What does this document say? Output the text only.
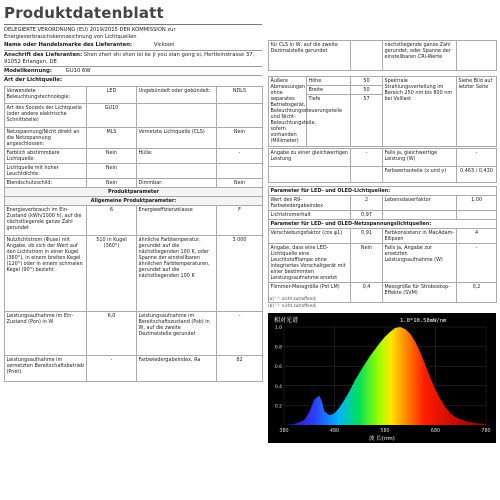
Produktdatenblatt
DELEGIERTE VERORDNUNG (EU) 2019/2015 DER KOMMISSION zur Energieverbrauchskennzeichnung von Lichtquellen
Name oder Handelsmarke des Lieferanten:	Vickoon
Anschrift des Lieferanten: Shen zhen shi shen lei ke ji you xian gong si, Hertleinstrasse 37, 91052 Erlangen, DE
Modellkennung:	GU10 6W
Art der Lichtquelle:
Verwendete Beleuchtungstechnologie:	LED	Ungebündelt oder gebündelt:	NDLS
Art des Sockels der Lichtquelle (oder andere elektrische Schnittstelle)	GU10		
Netzspannung/Nicht direkt an die Netzspannung angeschlossen:	MLS	Vernetzte Lichtquelle (CLS)	Nein
Farblich abstimmbare Lichtquelle:	Nein	Hülle:	-
Lichtquelle mit hoher Leuchtdichte:	Nein		
Blendschutzschild:	Nein	Dimmbar:	Nein
Produktparameter			
Allgemeine Produktparameter:			
Energieverbrauch im Ein-Zustand (kWh/1000 h), auf die nächstliegende ganze Zahl gerundet	6	Energieeffizienzklasse	F
Nutzlichtstrom (Φuse) mit Angabe, ob sich der Wert auf den Lichtstrom in einer Kugel (360°), in einem breiten Kegel (120°) oder in einem schmalen Kegel (90°) bezieht	510 in Kugel (360°)	ähnliche Farbtemperatur, gerundet auf die nächstliegenden 100 K, oder Spanne der einstellbaren ähnlichen Farbtemperaturen, gerundet auf die nächstliegenden 100 K	3 000
Leistungsaufnahme im Ein-Zustand (Pon) in W	6,0	Leistungsaufnahme im Bereitschaftszustand (Psb) in W, auf die zweite Dezimalstelle gerundet	-
Leistungsaufnahme im vernetzten Bereitschaftsbetrieb (Pnet)	-	Farbwiedergabeindex, Ra	82
für CLS in W, auf die zweite Dezimalstelle gerundet		nächstliegende ganze Zahl gerundet, oder Spanne der einstellbaren CRI-Werte	
Äußere Abmessungen ohne separates Betriebsgerät, Beleuchtungssteuerungsteile und Nicht-Beleuchtungsteile, sofern vorhanden (Millimeter)	Höhe	50	Spektrale Strahlungsverteilung im Bereich 250 nm bis 800 nm bei Volllast	Siehe Bild auf letzter Seite
	Breite	50		
	Tiefe	57		
Angabe zu einer gleichwertigen Leistung	-	Falls ja, gleichwertige Leistung (W)	-
		Farbwertanteile (x und y)	0,463 / 0,430
Parameter für LED- und OLED-Lichtquellen:			
Wert des R9-Farbwiedergabeindex	2	Lebensdauerfaktor	1,00
Lichtstromerhalt	0,97		
Parameter für LED- und OLED-Netzspannungslichtquellen:			
Verschiebungsfaktor (cos φ1)	0,91	Farbkonsistenz in MacAdam-Ellipsen	4
Angabe, dass eine LED-Lichtquelle eine Leuchtstofflampe ohne integriertes Vorschaltgerät mit einer bestimmten Leistungsaufnahme ersetzt	Nein	Falls ja, Angabe zur ersetzten Leistungsaufnahme (W)	-
Flimmer-Messgröße (Pst LM)	0,4	Messgröße für Stroboskop-Effekte (SVM)	0,2
(a) '-': nicht zutreffend;
(b) '-': nicht zutreffend;
0.2
0.4
0.6
0.8
1.0
380	480	580	680	780
相对光谱	1.0*10.58mW/nm
波 长(nm)
